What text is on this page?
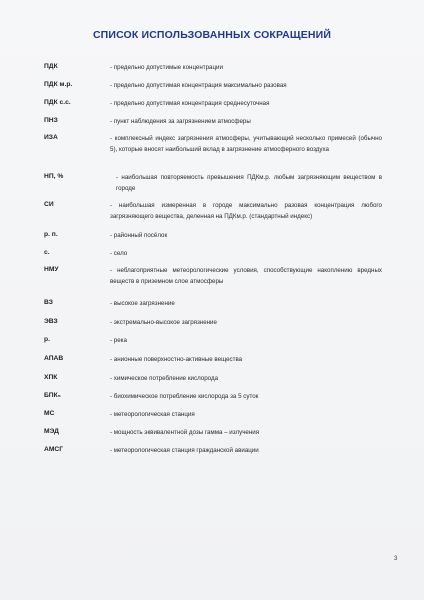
СПИСОК ИСПОЛЬЗОВАННЫХ СОКРАЩЕНИЙ
ПДК	- предельно допустимые концентрации
ПДК м.р.	- предельно допустимая концентрация максимально разовая
ПДК с.с.	- предельно допустимая концентрация среднесуточная
ПНЗ	- пункт наблюдения за загрязнением атмосферы
ИЗА	- комплексный индекс загрязнения атмосферы, учитывающий несколько примесей (обычно 5), которые вносят наибольший вклад в загрязнение атмосферного воздуха
НП, %	- наибольшая повторяемость превышения ПДКм.р. любым загрязняющим веществом в городе
СИ	- наибольшая измеренная в городе максимально разовая концентрация любого загрязняющего вещества, деленная на ПДКм.р. (стандартный индекс)
р. п.	- районный посёлок
с.	- село
НМУ	- неблагоприятные метеорологические условия, способствующие накоплению вредных веществ в приземном слое атмосферы
ВЗ	- высокое загрязнение
ЭВЗ	- экстремально-высокое загрязнение
р.	- река
АПАВ	- анионные поверхностно-активные вещества
ХПК	- химическое потребление кислорода
БПК₅	- биохимическое потребление кислорода за 5 суток
МС	- метеорологическая станция
МЭД	- мощность эквивалентной дозы гамма – излучения
АМСГ	- метеорологическая станция гражданской авиации
3
